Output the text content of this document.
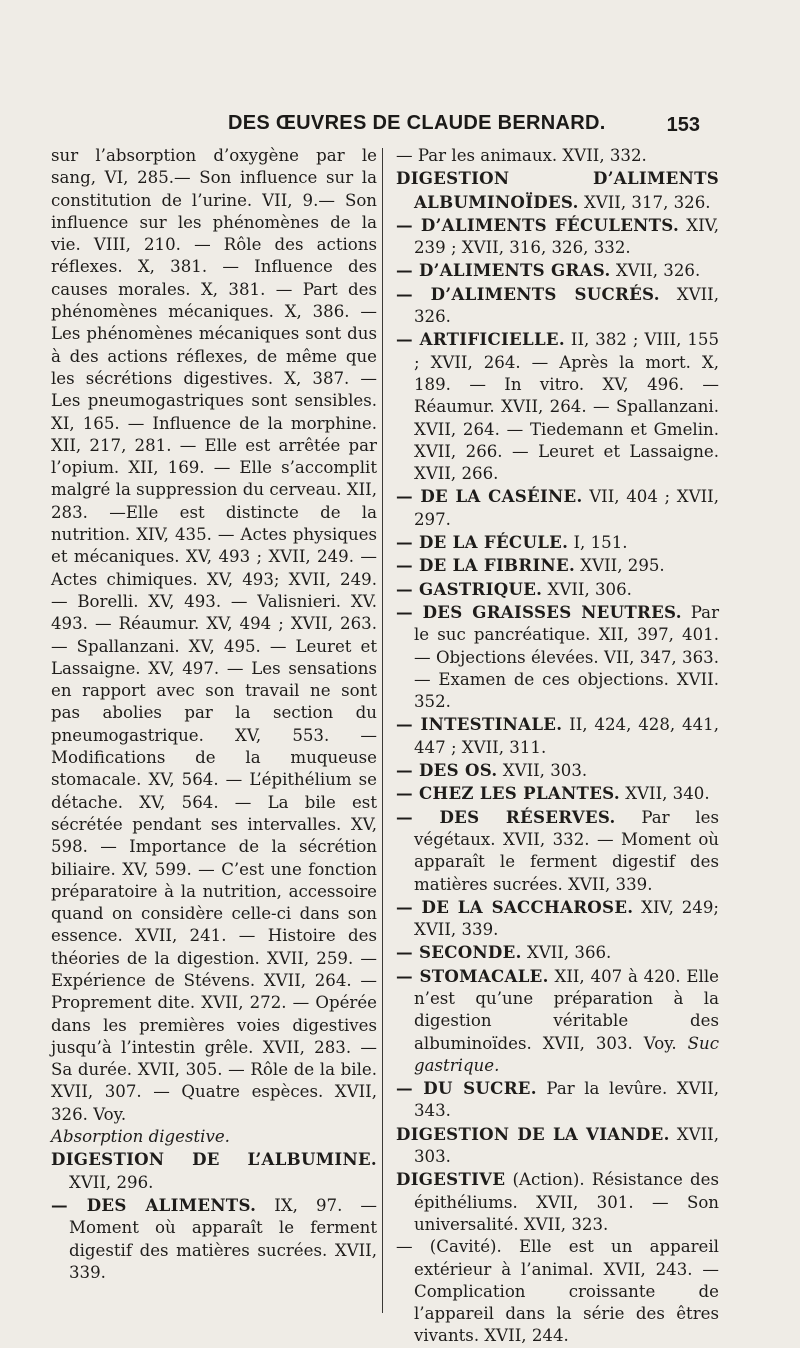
DES ŒUVRES DE CLAUDE BERNARD.	153

sur l’absorption d’oxygène par le sang, VI, 285.— Son influence sur la constitution de l’urine. VII, 9.— Son influence sur les phénomènes de la vie. VIII, 210. — Rôle des actions réflexes. X, 381. — Influence des causes morales. X, 381. — Part des phénomènes mécaniques. X, 386. —Les phénomènes mécaniques sont dus à des actions réflexes, de même que les sécrétions digestives. X, 387. — Les pneumogastriques sont sensibles. XI, 165. — Influence de la morphine. XII, 217, 281. — Elle est arrêtée par l’opium. XII, 169. — Elle s’accomplit malgré la suppression du cerveau. XII, 283. —Elle est distincte de la nutrition. XIV, 435. — Actes physiques et mécaniques. XV, 493 ; XVII, 249. — Actes chimiques. XV, 493; XVII, 249. — Borelli. XV, 493. — Valisnieri. XV. 493. — Réaumur. XV, 494 ; XVII, 263. — Spallanzani. XV, 495. — Leuret et Lassaigne. XV, 497. — Les sensations en rapport avec son travail ne sont pas abolies par la section du pneumogastrique. XV, 553. — Modifications de la muqueuse stomacale. XV, 564. — L’épithélium se détache. XV, 564. — La bile est sécrétée pendant ses intervalles. XV, 598. — Importance de la sécrétion biliaire. XV, 599. — C’est une fonction préparatoire à la nutrition, accessoire quand on considère celle-ci dans son essence. XVII, 241. — Histoire des théories de la digestion. XVII, 259. — Expérience de Stévens. XVII, 264. — Proprement dite. XVII, 272. — Opérée dans les premières voies digestives jusqu’à l’intestin grêle. XVII, 283. — Sa durée. XVII, 305. — Rôle de la bile. XVII, 307. — Quatre espèces. XVII, 326. Voy.

Absorption digestive.

DIGESTION DE L’ALBUMINE. XVII, 296.

— DES ALIMENTS. IX, 97. — Moment où apparaît le ferment digestif des matières sucrées. XVII, 339.

— Par les animaux. XVII, 332.

DIGESTION D’ALIMENTS ALBUMINOÏDES. XVII, 317, 326.

— D’ALIMENTS FÉCULENTS. XIV, 239 ; XVII, 316, 326, 332.

— D’ALIMENTS GRAS. XVII, 326.

— D’ALIMENTS SUCRÉS. XVII, 326.

— ARTIFICIELLE. II, 382 ; VIII, 155 ; XVII, 264. — Après la mort. X, 189. — In vitro. XV, 496. — Réaumur. XVII, 264. — Spallanzani. XVII, 264. — Tiedemann et Gmelin. XVII, 266. — Leuret et Lassaigne. XVII, 266.

— DE LA CASÉINE. VII, 404 ; XVII, 297.

— DE LA FÉCULE. I, 151.

— DE LA FIBRINE. XVII, 295.

— GASTRIQUE. XVII, 306.

— DES GRAISSES NEUTRES. Par le suc pancréatique. XII, 397, 401. — Objections élevées. VII, 347, 363. — Examen de ces objections. XVII. 352.

— INTESTINALE. II, 424, 428, 441, 447 ; XVII, 311.

— DES OS. XVII, 303.

— CHEZ LES PLANTES. XVII, 340.

— DES RÉSERVES. Par les végétaux. XVII, 332. — Moment où apparaît le ferment digestif des matières sucrées. XVII, 339.

— DE LA SACCHAROSE. XIV, 249; XVII, 339.

— SECONDE. XVII, 366.

— STOMACALE. XII, 407 à 420. Elle n’est qu’une préparation à la digestion véritable des albuminoïdes. XVII, 303. Voy. Suc gastrique.

— DU SUCRE. Par la levûre. XVII, 343.

DIGESTION DE LA VIANDE. XVII, 303.

DIGESTIVE (Action). Résistance des épithéliums. XVII, 301. — Son universalité. XVII, 323.

— (Cavité). Elle est un appareil extérieur à l’animal. XVII, 243. — Complication croissante de l’appareil dans la série des êtres vivants. XVII, 244.
